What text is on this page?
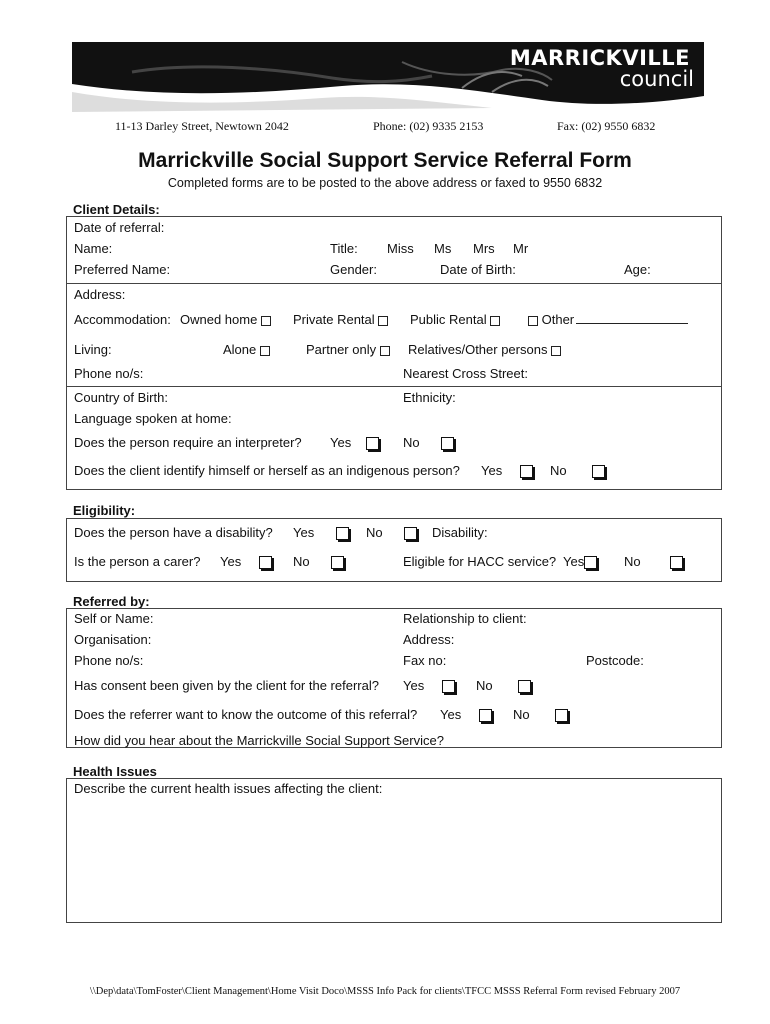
MARRICKVILLE
council
11-13 Darley Street, Newtown 2042	Phone: (02) 9335 2153	Fax: (02) 9550 6832
Marrickville Social Support Service Referral Form
Completed forms are to be posted to the above address or faxed to 9550 6832
Client Details:
Date of referral:
Name:	Title: Miss Ms Mrs Mr
Preferred Name:	Gender:	Date of Birth:	Age:
Address:
Accommodation: Owned home	Private Rental	Public Rental	Other
Living:	Alone	Partner only	Relatives/Other persons
Phone no/s:	Nearest Cross Street:
Country of Birth:	Ethnicity:
Language spoken at home:
Does the person require an interpreter? Yes	No
Does the client identify himself or herself as an indigenous person? Yes	No
Eligibility:
Does the person have a disability? Yes	No	Disability:
Is the person a carer? Yes	No	Eligible for HACC service? Yes	No
Referred by:
Self or Name:	Relationship to client:
Organisation:	Address:
Phone no/s:	Fax no:	Postcode:
Has consent been given by the client for the referral? Yes	No
Does the referrer want to know the outcome of this referral? Yes	No
How did you hear about the Marrickville Social Support Service?
Health Issues
Describe the current health issues affecting the client:
\\Dep\data\TomFoster\Client Management\Home Visit Doco\MSSS Info Pack for clients\TFCC MSSS Referral Form revised February 2007
